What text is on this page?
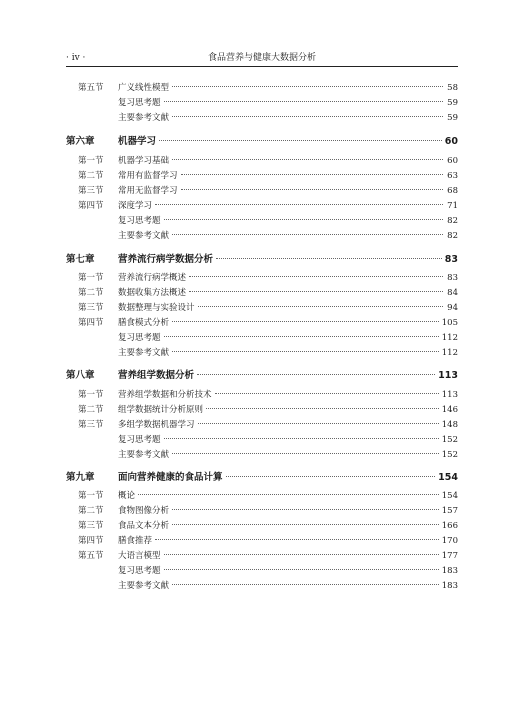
· iv ·	食品营养与健康大数据分析
第五节	广义线性模型	58
复习思考题	59
主要参考文献	59
第六章	机器学习	60
第一节	机器学习基础	60
第二节	常用有监督学习	63
第三节	常用无监督学习	68
第四节	深度学习	71
复习思考题	82
主要参考文献	82
第七章	营养流行病学数据分析	83
第一节	营养流行病学概述	83
第二节	数据收集方法概述	84
第三节	数据整理与实验设计	94
第四节	膳食模式分析	105
复习思考题	112
主要参考文献	112
第八章	营养组学数据分析	113
第一节	营养组学数据和分析技术	113
第二节	组学数据统计分析原则	146
第三节	多组学数据机器学习	148
复习思考题	152
主要参考文献	152
第九章	面向营养健康的食品计算	154
第一节	概论	154
第二节	食物图像分析	157
第三节	食品文本分析	166
第四节	膳食推荐	170
第五节	大语言模型	177
复习思考题	183
主要参考文献	183
